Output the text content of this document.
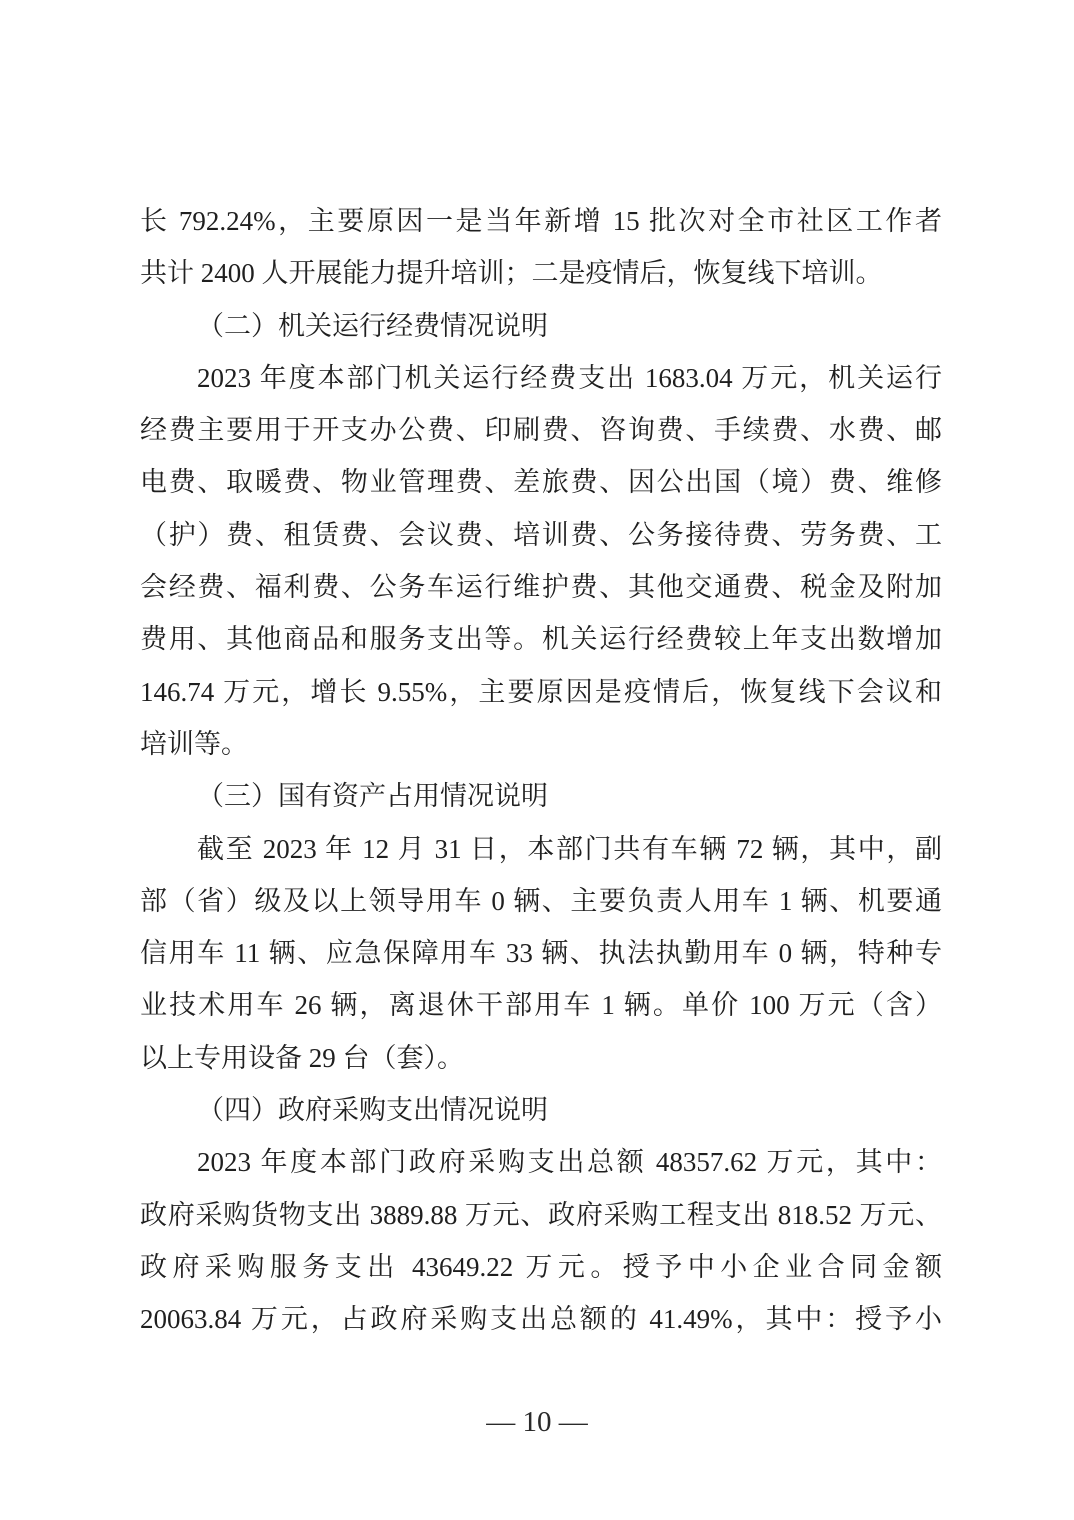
长 792.24%，主要原因一是当年新增 15 批次对全市社区工作者
共计 2400 人开展能力提升培训；二是疫情后，恢复线下培训。
（二）机关运行经费情况说明
2023 年度本部门机关运行经费支出 1683.04 万元，机关运行
经费主要用于开支办公费、印刷费、咨询费、手续费、水费、邮
电费、取暖费、物业管理费、差旅费、因公出国（境）费、维修
（护）费、租赁费、会议费、培训费、公务接待费、劳务费、工
会经费、福利费、公务车运行维护费、其他交通费、税金及附加
费用、其他商品和服务支出等。机关运行经费较上年支出数增加
146.74 万元，增长 9.55%，主要原因是疫情后，恢复线下会议和
培训等。
（三）国有资产占用情况说明
截至 2023 年 12 月 31 日，本部门共有车辆 72 辆，其中，副
部（省）级及以上领导用车 0 辆、主要负责人用车 1 辆、机要通
信用车 11 辆、应急保障用车 33 辆、执法执勤用车 0 辆，特种专
业技术用车 26 辆，离退休干部用车 1 辆。单价 100 万元（含）
以上专用设备 29 台（套）。
（四）政府采购支出情况说明
2023 年度本部门政府采购支出总额 48357.62 万元，其中：
政府采购货物支出 3889.88 万元、政府采购工程支出 818.52 万元、
政府采购服务支出 43649.22 万元。授予中小企业合同金额
20063.84 万元，占政府采购支出总额的 41.49%，其中：授予小
— 10 —
